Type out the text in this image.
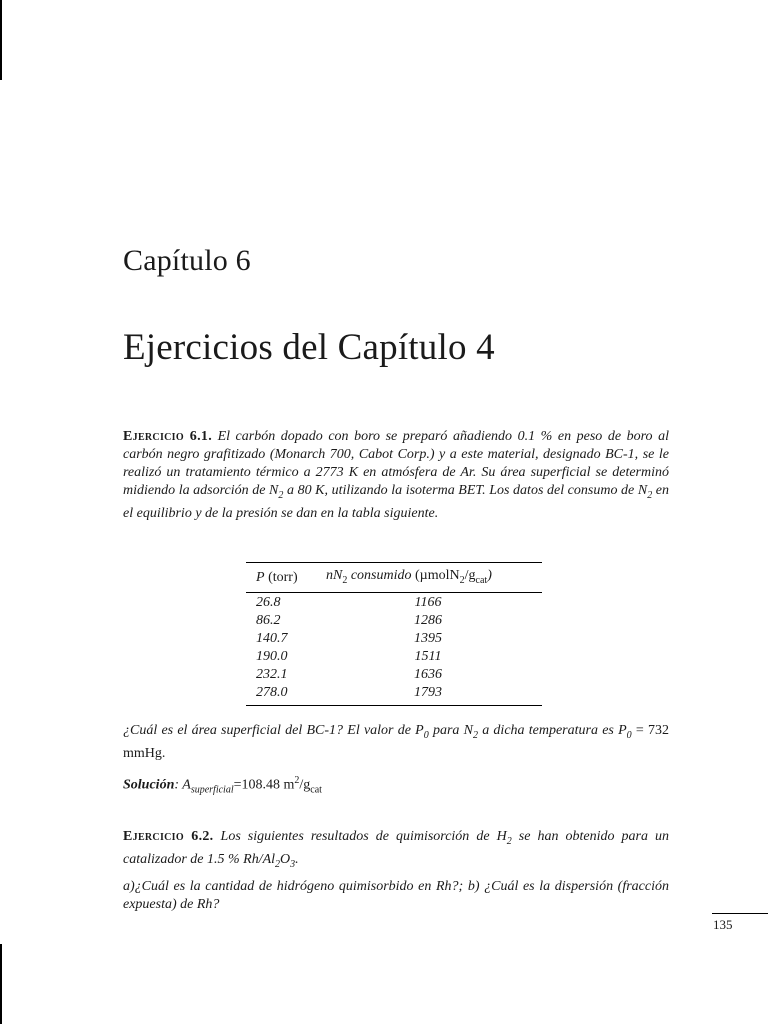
Capítulo 6
Ejercicios del Capítulo 4
Ejercicio 6.1. El carbón dopado con boro se preparó añadiendo 0.1 % en peso de boro al carbón negro grafitizado (Monarch 700, Cabot Corp.) y a este material, designado BC-1, se le realizó un tratamiento térmico a 2773 K en atmósfera de Ar. Su área superficial se determinó midiendo la adsorción de $N_2$ a 80 K, utilizando la isoterma BET. Los datos del consumo de $N_2$ en el equilibrio y de la presión se dan en la tabla siguiente.
P (torr)	$nN_2$ consumido $(\mu molN_2/g_{cat})$
26.8	1166
86.2	1286
140.7	1395
190.0	1511
232.1	1636
278.0	1793
¿Cuál es el área superficial del BC-1? El valor de $P_0$ para $N_2$ a dicha temperatura es $P_0 = 732$ mmHg.
Solución: $A_{superficial}=108.48$ $m^2/g_{cat}$
Ejercicio 6.2. Los siguientes resultados de quimisorción de $H_2$ se han obtenido para un catalizador de 1.5 % $Rh/Al_2O_3$.
a)¿Cuál es la cantidad de hidrógeno quimisorbido en Rh?; b) ¿Cuál es la dispersión (fracción expuesta) de Rh?
135
